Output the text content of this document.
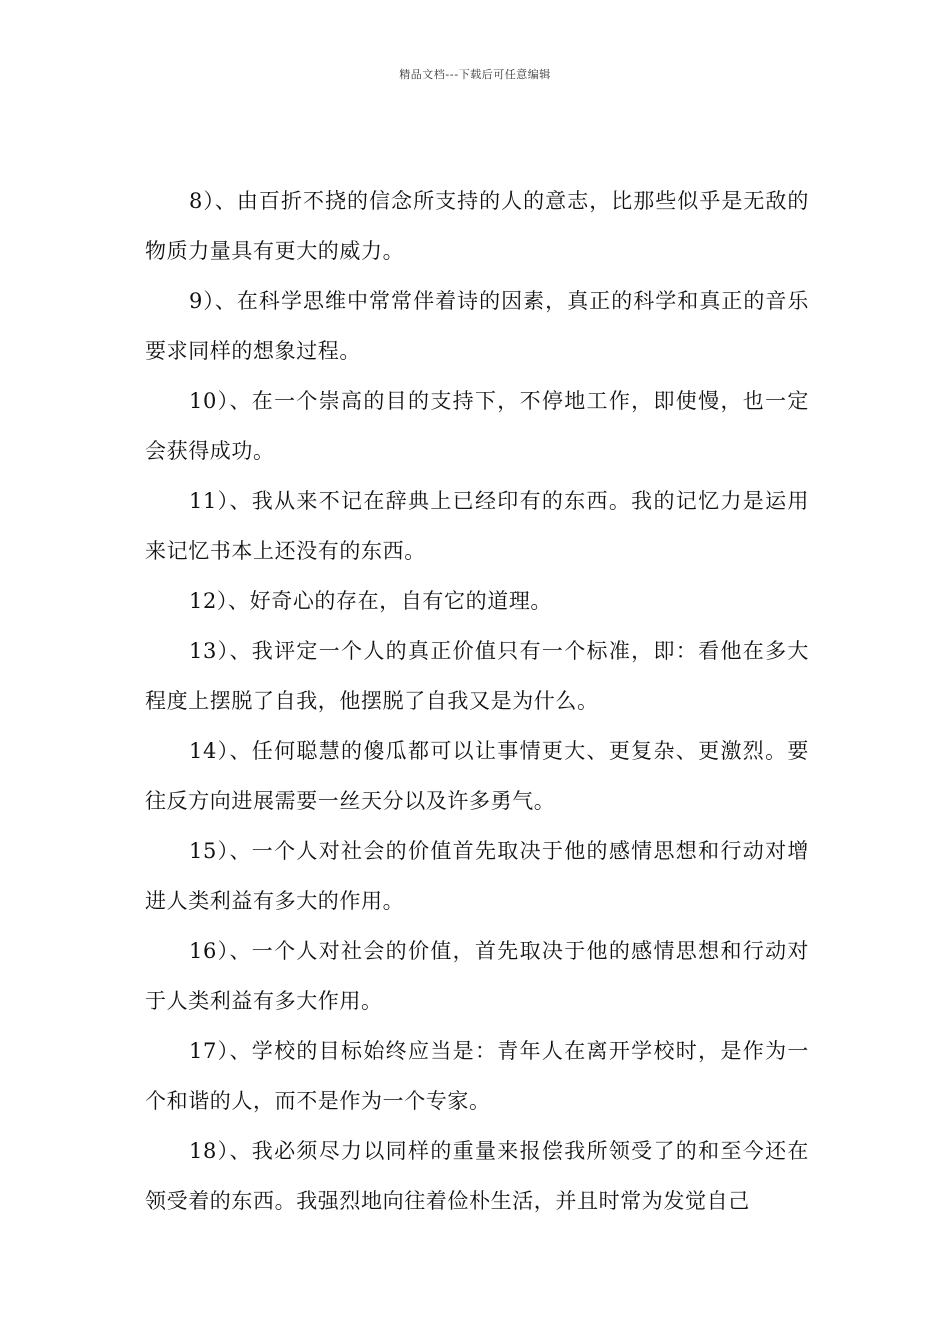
精品文档---下载后可任意编辑

8）、由百折不挠的信念所支持的人的意志，比那些似乎是无敌的物质力量具有更大的威力。

9）、在科学思维中常常伴着诗的因素，真正的科学和真正的音乐要求同样的想象过程。

10）、在一个崇高的目的支持下，不停地工作，即使慢，也一定会获得成功。

11）、我从来不记在辞典上已经印有的东西。我的记忆力是运用来记忆书本上还没有的东西。

12）、好奇心的存在，自有它的道理。

13）、我评定一个人的真正价值只有一个标准，即：看他在多大程度上摆脱了自我，他摆脱了自我又是为什么。

14）、任何聪慧的傻瓜都可以让事情更大、更复杂、更激烈。要往反方向进展需要一丝天分以及许多勇气。

15）、一个人对社会的价值首先取决于他的感情思想和行动对增进人类利益有多大的作用。

16）、一个人对社会的价值，首先取决于他的感情思想和行动对于人类利益有多大作用。

17）、学校的目标始终应当是：青年人在离开学校时，是作为一个和谐的人，而不是作为一个专家。

18）、我必须尽力以同样的重量来报偿我所领受了的和至今还在领受着的东西。我强烈地向往着俭朴生活，并且时常为发觉自己
